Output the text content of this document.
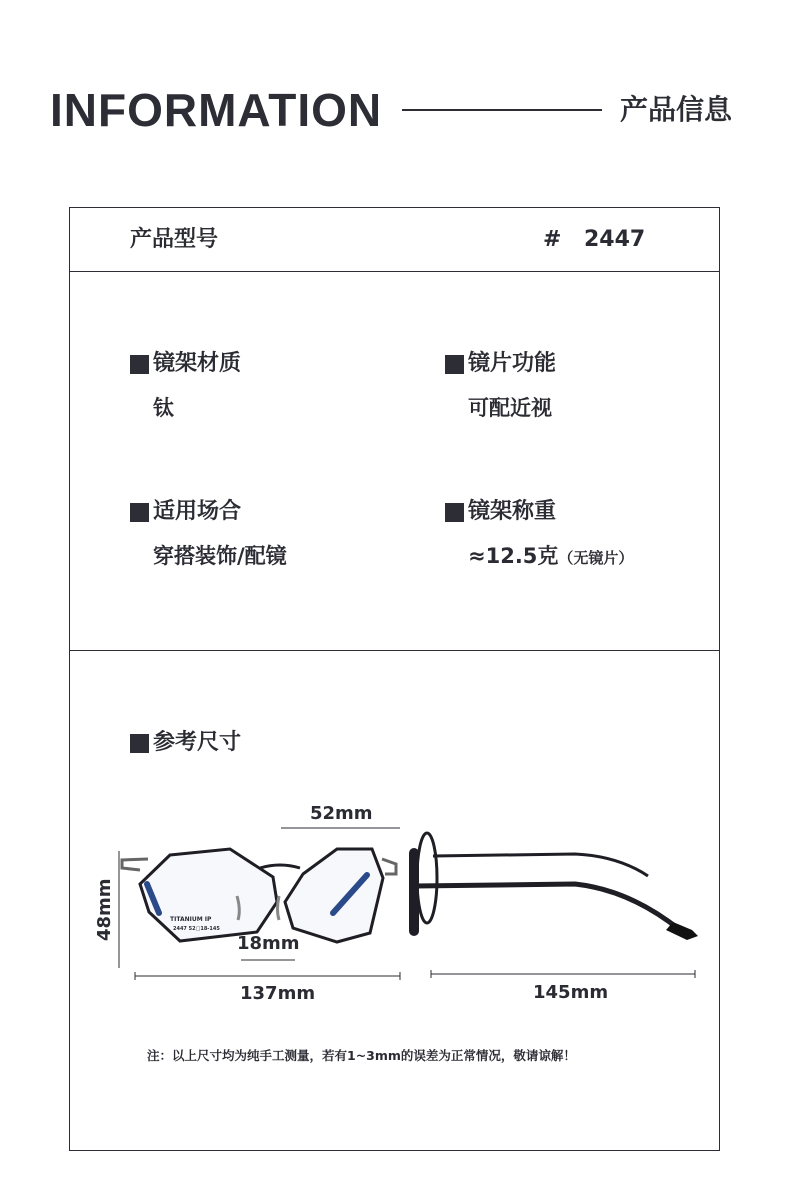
INFORMATION	产品信息
产品型号	# 2447
镜架材质
钛
镜片功能
可配近视
适用场合
穿搭装饰/配镜
镜架称重
≈12.5克（无镜片）
参考尺寸
TITANIUM IP
2447 52□18-145
52mm
48mm
18mm
137mm	145mm
注：以上尺寸均为纯手工测量，若有1~3mm的误差为正常情况，敬请谅解！
